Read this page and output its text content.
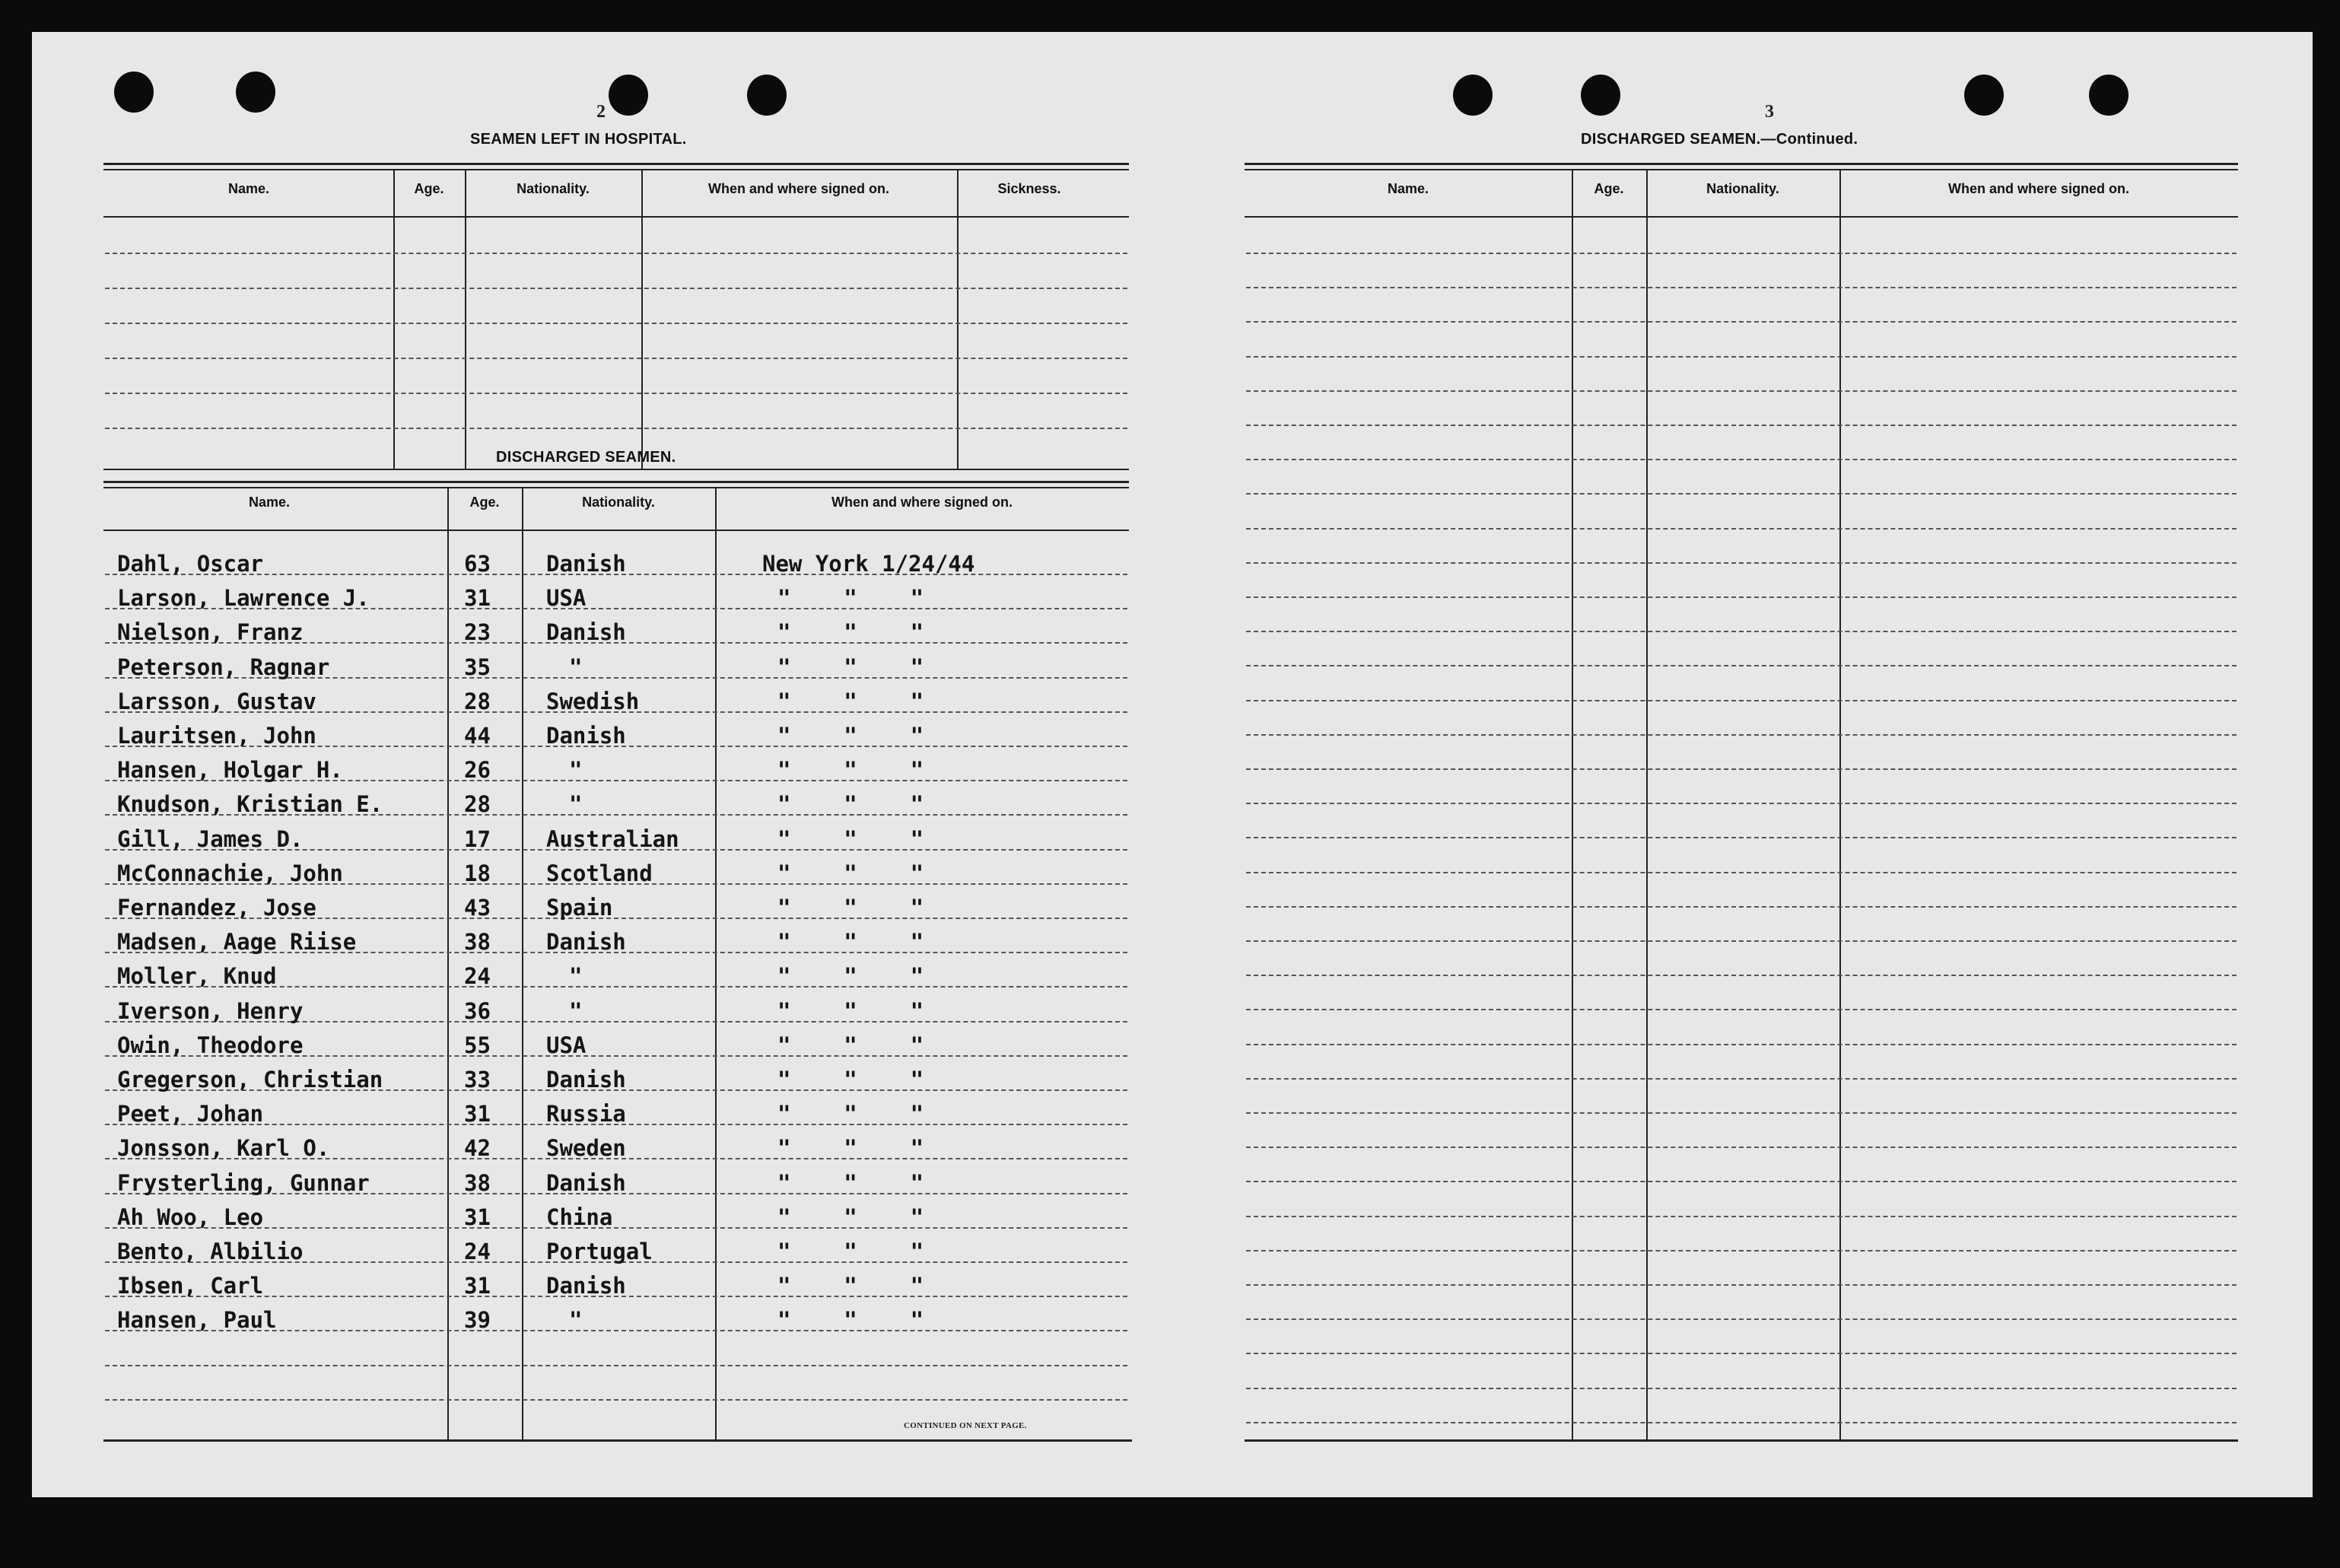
2
SEAMEN LEFT IN HOSPITAL.
Name.	Age.	Nationality.	When and where signed on.	Sickness.
DISCHARGED SEAMEN.
Name.	Age.	Nationality.	When and where signed on.
Dahl, Oscar	63	Danish	New York 1/24/44
Larson, Lawrence J.	31	USA	"    "    "
Nielson, Franz	23	Danish	"    "    "
Peterson, Ragnar	35	"	"    "    "
Larsson, Gustav	28	Swedish	"    "    "
Lauritsen, John	44	Danish	"    "    "
Hansen, Holgar H.	26	"	"    "    "
Knudson, Kristian E.	28	"	"    "    "
Gill, James D.	17	Australian	"    "    "
McConnachie, John	18	Scotland	"    "    "
Fernandez, Jose	43	Spain	"    "    "
Madsen, Aage Riise	38	Danish	"    "    "
Moller, Knud	24	"	"    "    "
Iverson, Henry	36	"	"    "    "
Owin, Theodore	55	USA	"    "    "
Gregerson, Christian	33	Danish	"    "    "
Peet, Johan	31	Russia	"    "    "
Jonsson, Karl O.	42	Sweden	"    "    "
Frysterling, Gunnar	38	Danish	"    "    "
Ah Woo, Leo	31	China	"    "    "
Bento, Albilio	24	Portugal	"    "    "
Ibsen, Carl	31	Danish	"    "    "
Hansen, Paul	39	"	"    "    "
CONTINUED ON NEXT PAGE.
3
DISCHARGED SEAMEN.—Continued.
Name.	Age.	Nationality.	When and where signed on.
